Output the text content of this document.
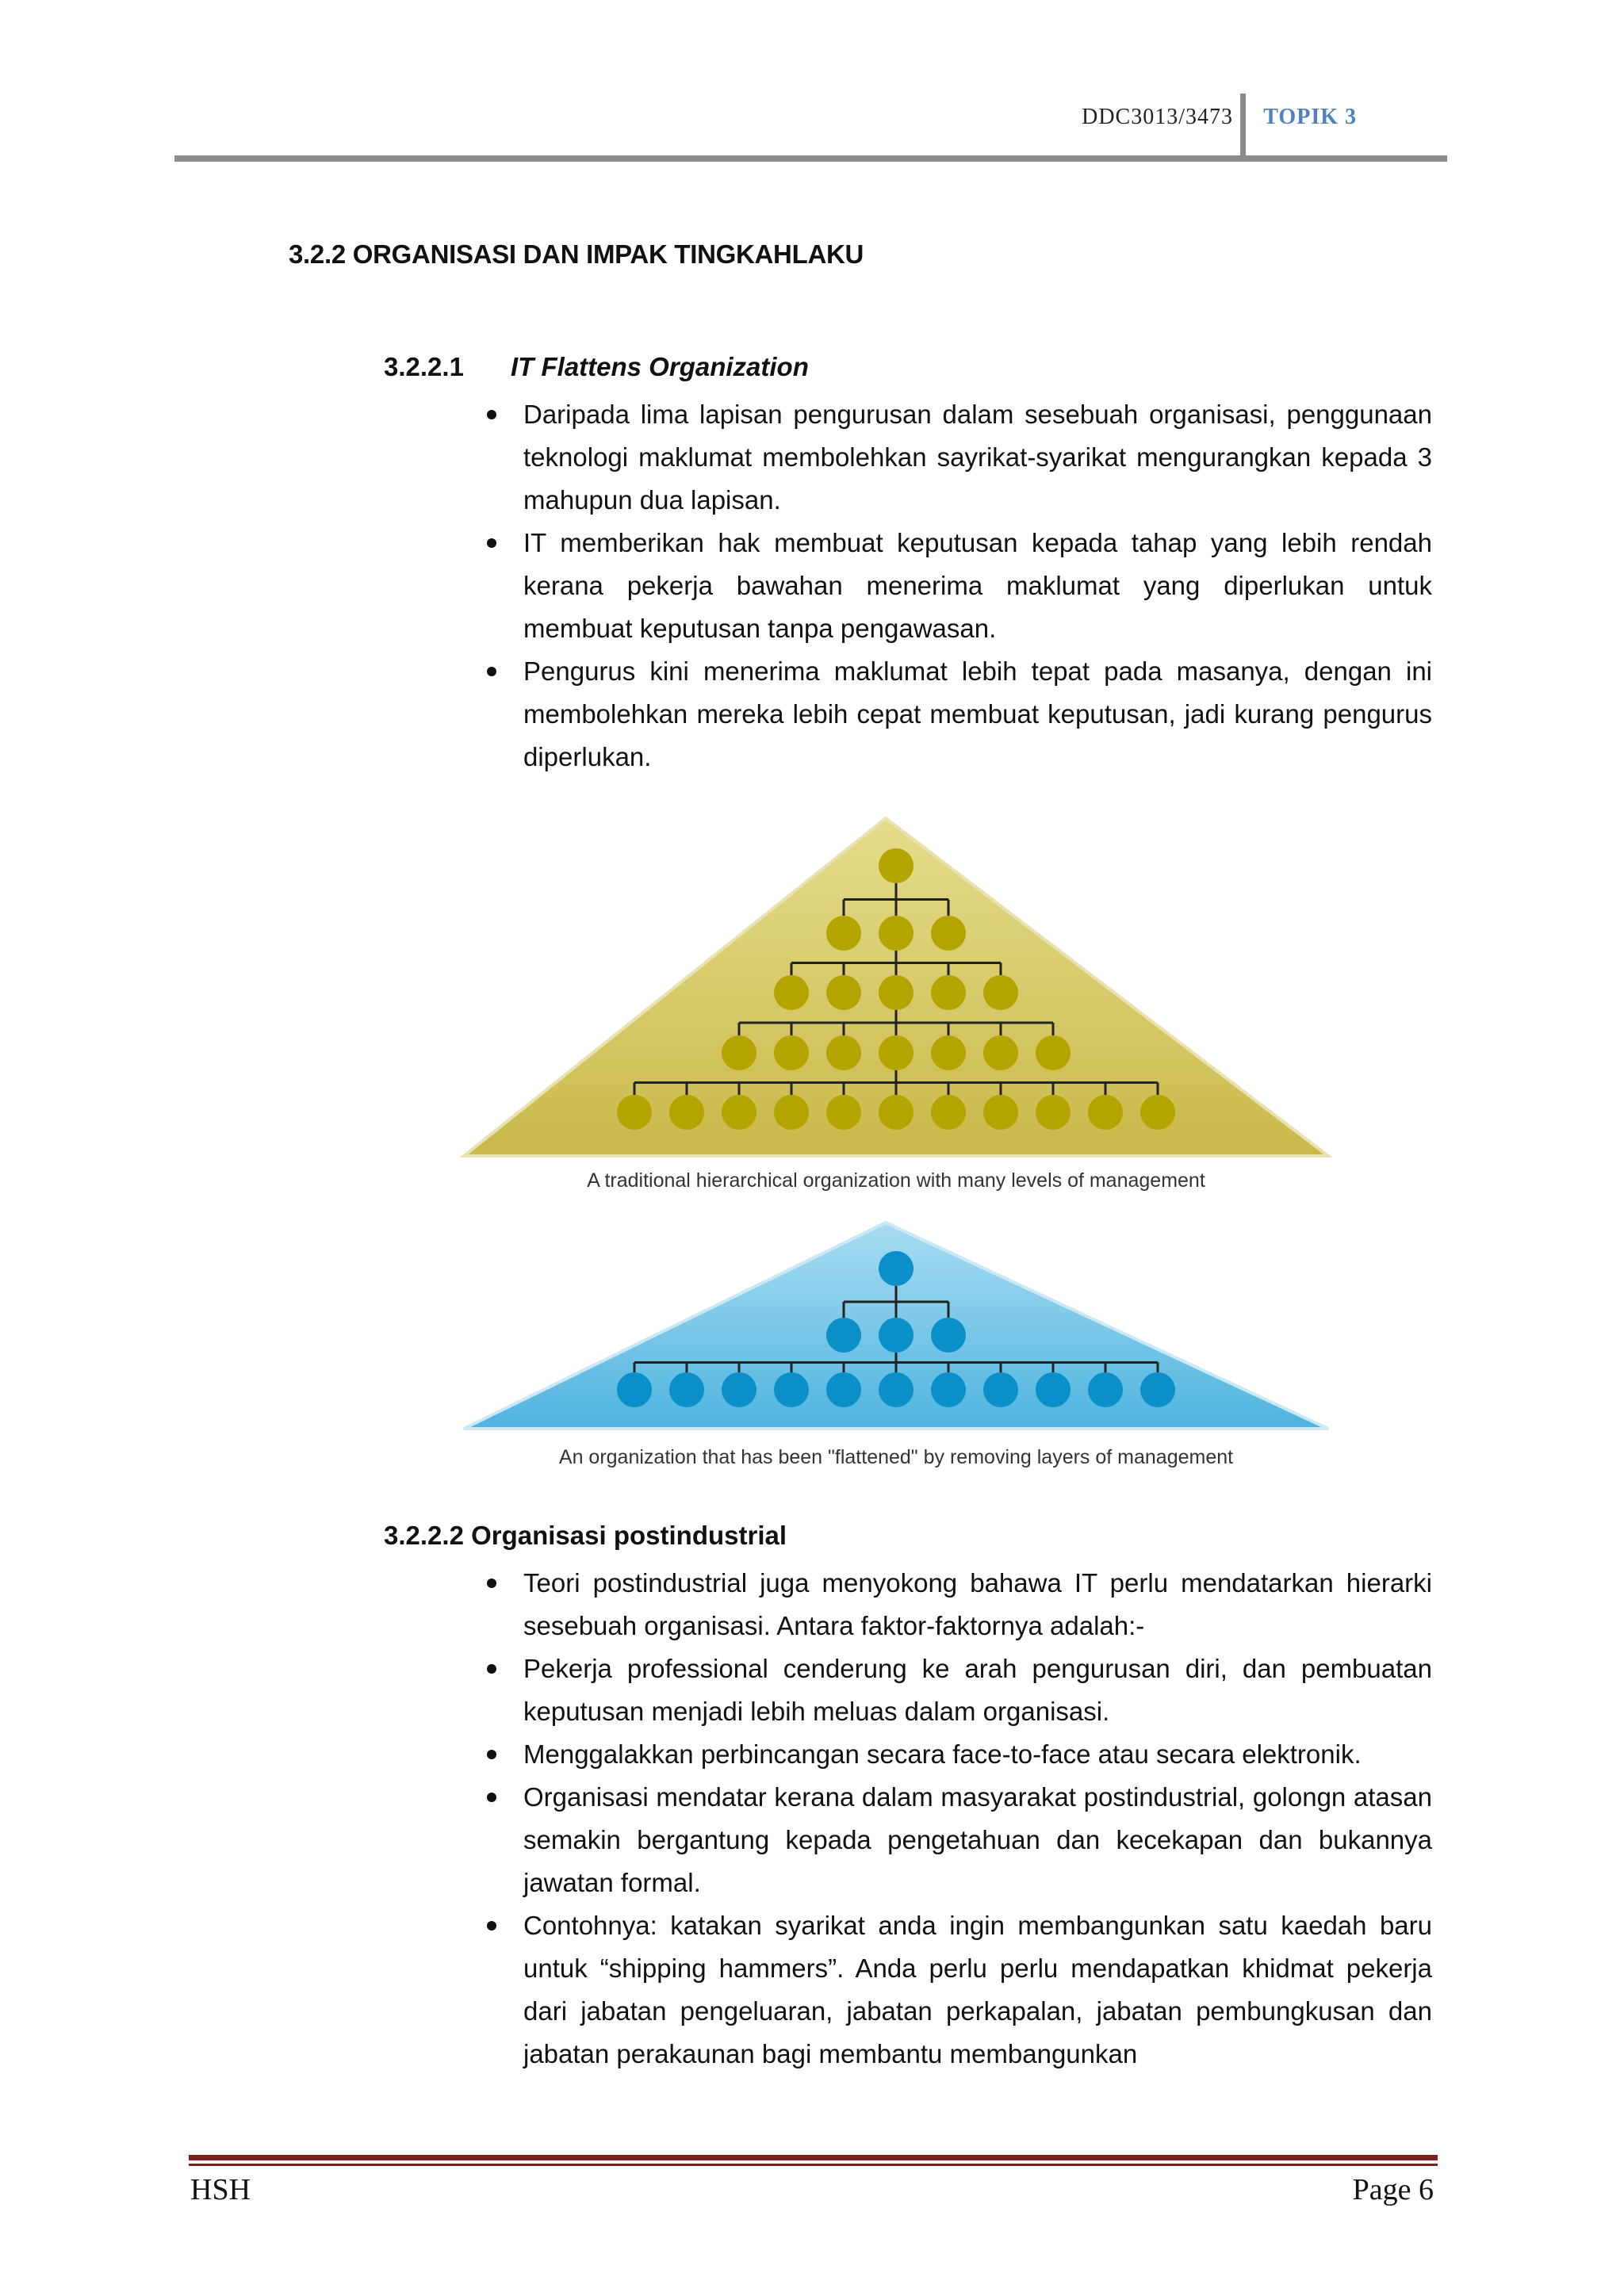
DDC3013/3473 TOPIK 3
3.2.2 ORGANISASI DAN IMPAK TINGKAHLAKU
3.2.2.1 IT Flattens Organization
Daripada lima lapisan pengurusan dalam sesebuah organisasi, penggunaan teknologi maklumat membolehkan sayrikat-syarikat mengurangkan kepada 3 mahupun dua lapisan.
IT memberikan hak membuat keputusan kepada tahap yang lebih rendah kerana pekerja bawahan menerima maklumat yang diperlukan untuk membuat keputusan tanpa pengawasan.
Pengurus kini menerima maklumat lebih tepat pada masanya, dengan ini membolehkan mereka lebih cepat membuat keputusan, jadi kurang pengurus diperlukan.
A traditional hierarchical organization with many levels of management
An organization that has been "flattened" by removing layers of management
3.2.2.2 Organisasi postindustrial
Teori postindustrial juga menyokong bahawa IT perlu mendatarkan hierarki sesebuah organisasi. Antara faktor-faktornya adalah:-
Pekerja professional cenderung ke arah pengurusan diri, dan pembuatan keputusan menjadi lebih meluas dalam organisasi.
Menggalakkan perbincangan secara face-to-face atau secara elektronik.
Organisasi mendatar kerana dalam masyarakat postindustrial, golongn atasan semakin bergantung kepada pengetahuan dan kecekapan dan bukannya jawatan formal.
Contohnya: katakan syarikat anda ingin membangunkan satu kaedah baru untuk “shipping hammers”. Anda perlu perlu mendapatkan khidmat pekerja dari jabatan pengeluaran, jabatan perkapalan, jabatan pembungkusan dan jabatan perakaunan bagi membantu membangunkan
HSH	Page 6
